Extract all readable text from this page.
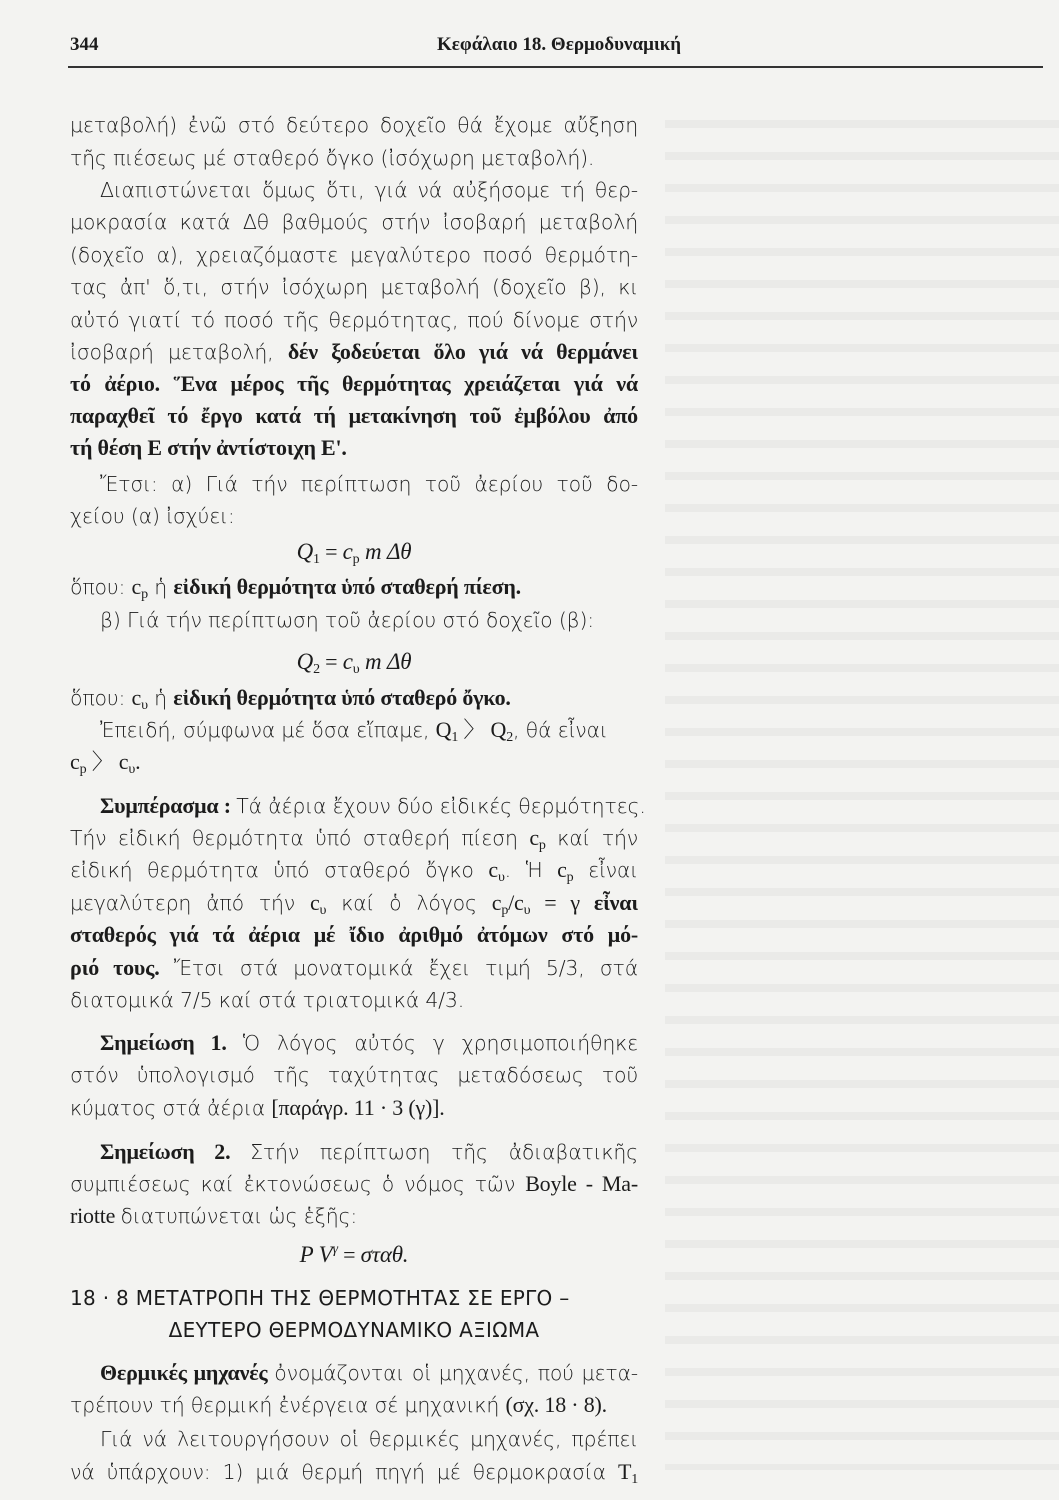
344	Κεφάλαιο 18. Θερμοδυναμική
μεταβολή) ἐνῶ στό δεύτερο δοχεῖο θά ἔχομε αὔξηση
τῆς πιέσεως μέ σταθερό ὄγκο (ἰσόχωρη μεταβολή).
Διαπιστώνεται ὅμως ὅτι, γιά νά αὐξήσομε τή θερ-
μοκρασία κατά Δθ βαθμούς στήν ἰσοβαρή μεταβολή
(δοχεῖο α), χρειαζόμαστε μεγαλύτερο ποσό θερμότη-
τας ἀπ' ὅ,τι, στήν ἰσόχωρη μεταβολή (δοχεῖο β), κι
αὐτό γιατί τό ποσό τῆς θερμότητας, πού δίνομε στήν
ἰσοβαρή μεταβολή, δέν ξοδεύεται ὅλο γιά νά θερμάνει
τό ἀέριο. Ἕνα μέρος τῆς θερμότητας χρειάζεται γιά νά
παραχθεῖ τό ἔργο κατά τή μετακίνηση τοῦ ἐμβόλου ἀπό
τή θέση Ε στήν ἀντίστοιχη Ε'.
Ἔτσι: α) Γιά τήν περίπτωση τοῦ ἀερίου τοῦ δο-
χείου (α) ἰσχύει:
$Q_1 = c_p$ m Δθ
ὅπου: $c_p$ ἡ εἰδική θερμότητα ὑπό σταθερή πίεση.
β) Γιά τήν περίπτωση τοῦ ἀερίου στό δοχεῖο (β):
$Q_2 = c_\upsilon$ m Δθ
ὅπου: $c_\upsilon$ ἡ εἰδική θερμότητα ὑπό σταθερό ὄγκο.
Ἐπειδή, σύμφωνα μέ ὅσα εἴπαμε, $Q_1$ 〉 $Q_2$, θά εἶναι
$c_p$ 〉 $c_\upsilon$.
Συμπέρασμα : Τά ἀέρια ἔχουν δύο εἰδικές θερμότητες.
Τήν εἰδική θερμότητα ὑπό σταθερή πίεση $c_p$ καί τήν
εἰδική θερμότητα ὑπό σταθερό ὄγκο $c_\upsilon$. Ἡ $c_p$ εἶναι
μεγαλύτερη ἀπό τήν $c_\upsilon$ καί ὁ λόγος $c_p/c_\upsilon = \gamma$ εἶναι
σταθερός γιά τά ἀέρια μέ ἴδιο ἀριθμό ἀτόμων στό μό-
ριό τους. Ἔτσι στά μονατομικά ἔχει τιμή 5/3, στά
διατομικά 7/5 καί στά τριατομικά 4/3.
Σημείωση 1. Ὁ λόγος αὐτός γ χρησιμοποιήθηκε
στόν ὑπολογισμό τῆς ταχύτητας μεταδόσεως τοῦ
κύματος στά ἀέρια [παράγρ. 11 · 3 (γ)].
Σημείωση 2. Στήν περίπτωση τῆς ἀδιαβατικῆς
συμπιέσεως καί ἐκτονώσεως ὁ νόμος τῶν Boyle - Ma-
riotte διατυπώνεται ὡς ἑξῆς:
P $V^\gamma = \sigma\tau\alpha\theta$.
18 · 8 ΜΕΤΑΤΡΟΠΗ ΤΗΣ ΘΕΡΜΟΤΗΤΑΣ ΣΕ ΕΡΓΟ –
ΔΕΥΤΕΡΟ ΘΕΡΜΟΔΥΝΑΜΙΚΟ ΑΞΙΩΜΑ
Θερμικές μηχανές ὀνομάζονται οἱ μηχανές, πού μετα-
τρέπουν τή θερμική ἐνέργεια σέ μηχανική (σχ. 18 · 8).
Γιά νά λειτουργήσουν οἱ θερμικές μηχανές, πρέπει
νά ὑπάρχουν: 1) μιά θερμή πηγή μέ θερμοκρασία $T_1$
